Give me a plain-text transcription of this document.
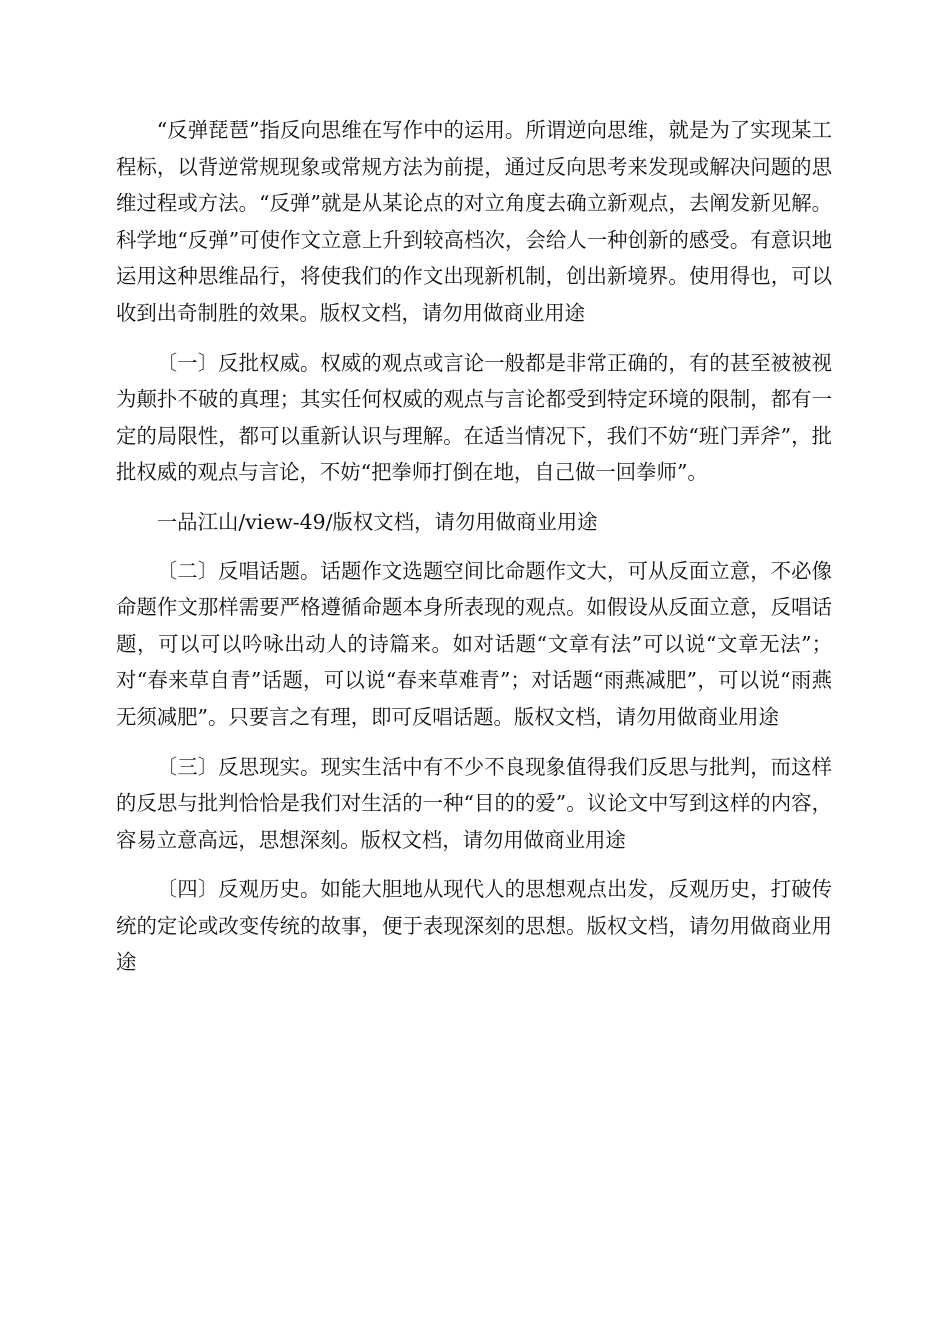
“反弹琵琶”指反向思维在写作中的运用。所谓逆向思维，就是为了实现某工程标，以背逆常规现象或常规方法为前提，通过反向思考来发现或解决问题的思维过程或方法。“反弹”就是从某论点的对立角度去确立新观点，去阐发新见解。科学地“反弹”可使作文立意上升到较高档次，会给人一种创新的感受。有意识地运用这种思维品行，将使我们的作文出现新机制，创出新境界。使用得也，可以收到出奇制胜的效果。版权文档，请勿用做商业用途

〔一〕反批权威。权威的观点或言论一般都是非常正确的，有的甚至被被视为颠扑不破的真理；其实任何权威的观点与言论都受到特定环境的限制，都有一定的局限性，都可以重新认识与理解。在适当情况下，我们不妨“班门弄斧”，批批权威的观点与言论，不妨“把拳师打倒在地，自己做一回拳师”。

一品江山/view-49/版权文档，请勿用做商业用途

〔二〕反唱话题。话题作文选题空间比命题作文大，可从反面立意，不必像命题作文那样需要严格遵循命题本身所表现的观点。如假设从反面立意，反唱话题，可以可以吟咏出动人的诗篇来。如对话题“文章有法”可以说“文章无法”；对“春来草自青”话题，可以说“春来草难青”；对话题“雨燕减肥”，可以说“雨燕无须减肥”。只要言之有理，即可反唱话题。版权文档，请勿用做商业用途

〔三〕反思现实。现实生活中有不少不良现象值得我们反思与批判，而这样的反思与批判恰恰是我们对生活的一种“目的的爱”。议论文中写到这样的内容，容易立意高远，思想深刻。版权文档，请勿用做商业用途

〔四〕反观历史。如能大胆地从现代人的思想观点出发，反观历史，打破传统的定论或改变传统的故事，便于表现深刻的思想。版权文档，请勿用做商业用途
